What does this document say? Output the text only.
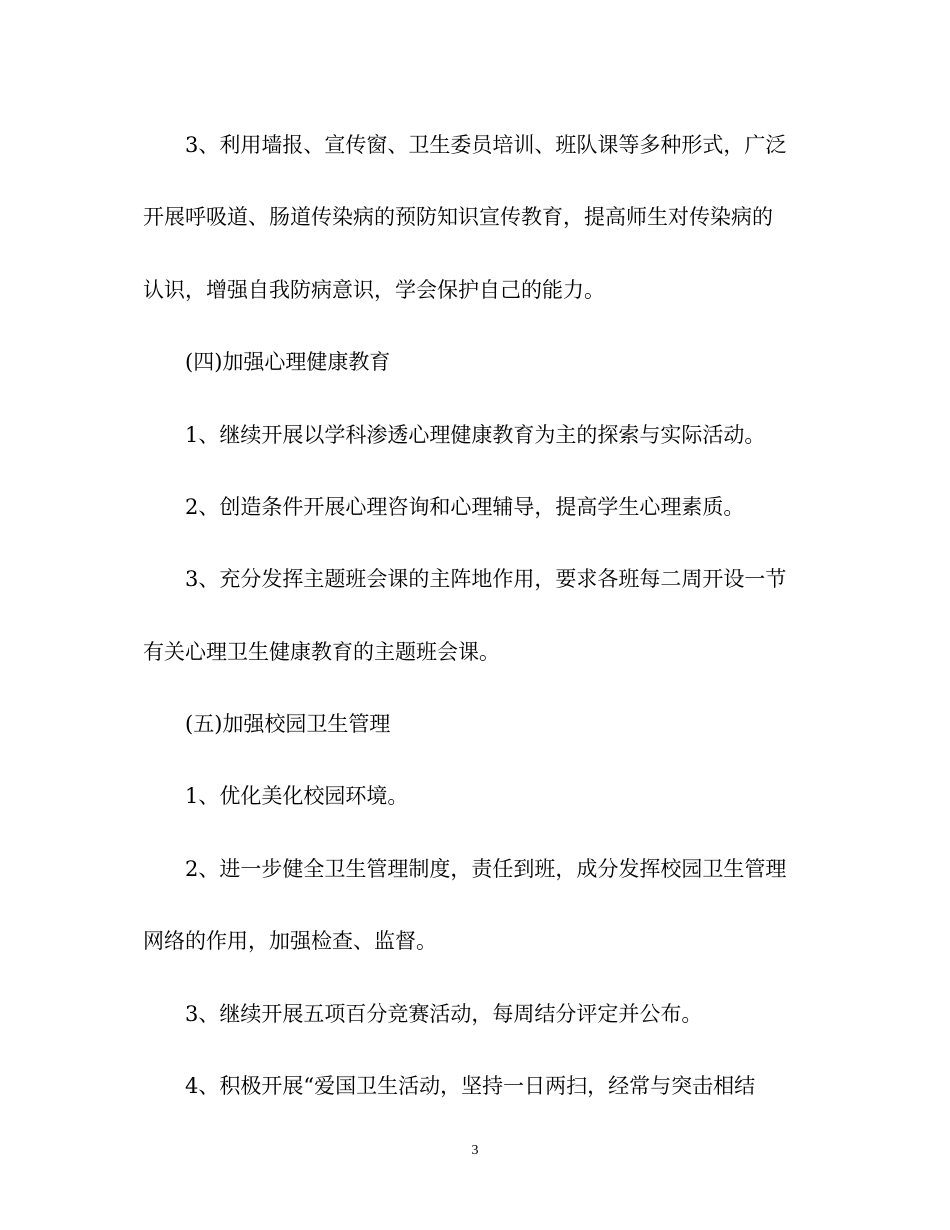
3、利用墙报、宣传窗、卫生委员培训、班队课等多种形式，广泛
开展呼吸道、肠道传染病的预防知识宣传教育，提高师生对传染病的
认识，增强自我防病意识，学会保护自己的能力。
(四)加强心理健康教育
1、继续开展以学科渗透心理健康教育为主的探索与实际活动。
2、创造条件开展心理咨询和心理辅导，提高学生心理素质。
3、充分发挥主题班会课的主阵地作用，要求各班每二周开设一节
有关心理卫生健康教育的主题班会课。
(五)加强校园卫生管理
1、优化美化校园环境。
2、进一步健全卫生管理制度，责任到班，成分发挥校园卫生管理
网络的作用，加强检查、监督。
3、继续开展五项百分竞赛活动，每周结分评定并公布。
4、积极开展“爱国卫生活动，坚持一日两扫，经常与突击相结
3
